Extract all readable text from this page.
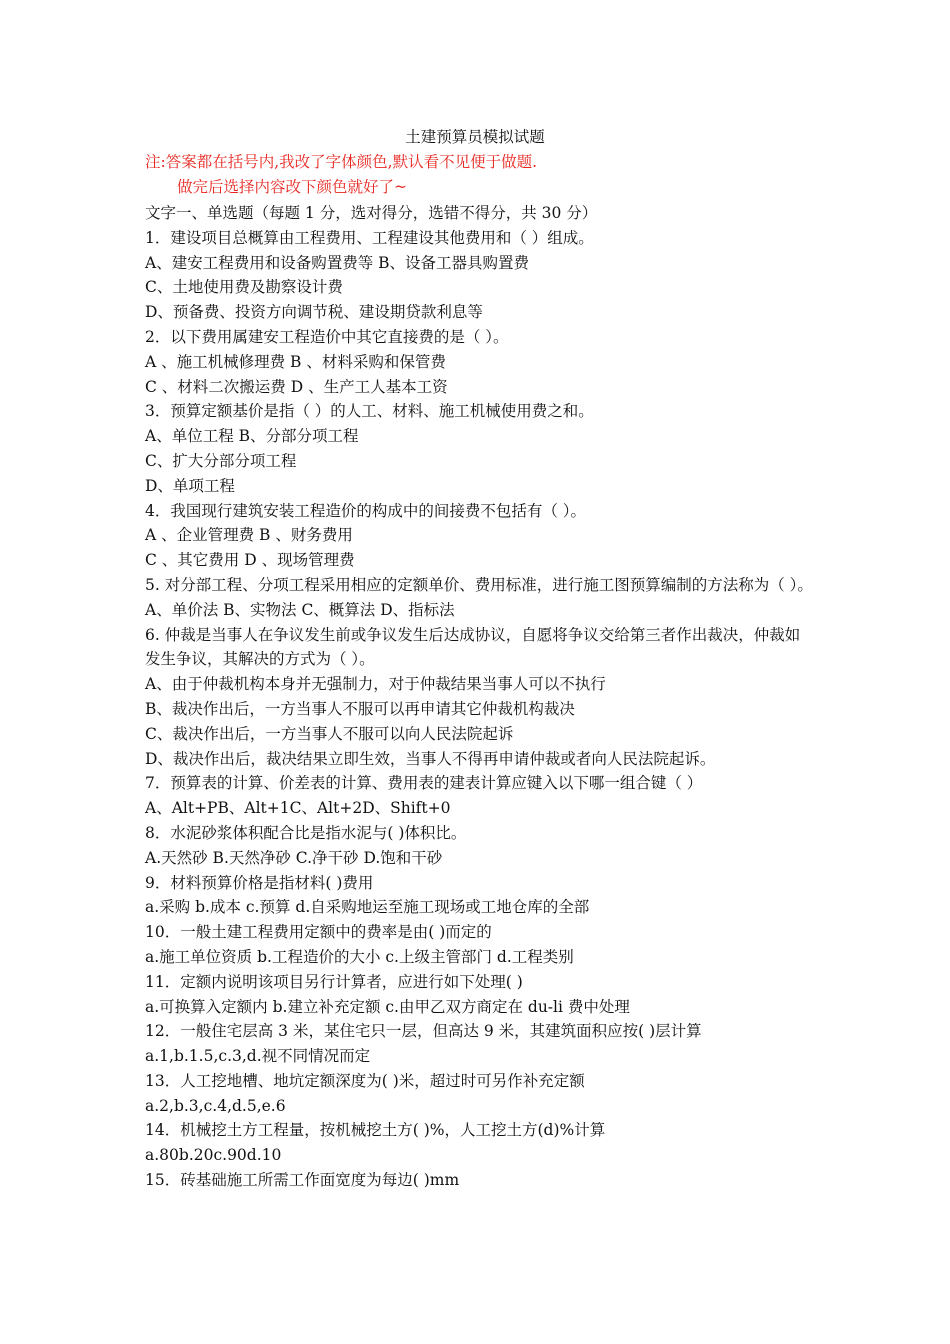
土建预算员模拟试题
注:答案都在括号内,我改了字体颜色,默认看不见便于做题.
做完后选择内容改下颜色就好了~
文字一、单选题（每题 1 分，选对得分，选错不得分，共 30 分）
1．建设项目总概算由工程费用、工程建设其他费用和（ ）组成。
A、建安工程费用和设备购置费等 B、设备工器具购置费
C、土地使用费及勘察设计费
D、预备费、投资方向调节税、建设期贷款利息等
2．以下费用属建安工程造价中其它直接费的是（ ）。
A 、施工机械修理费 B 、材料采购和保管费
C 、材料二次搬运费 D 、生产工人基本工资
3．预算定额基价是指（ ）的人工、材料、施工机械使用费之和。
A、单位工程 B、分部分项工程
C、扩大分部分项工程
D、单项工程
4．我国现行建筑安装工程造价的构成中的间接费不包括有（ ）。
A 、企业管理费 B 、财务费用
C 、其它费用 D 、现场管理费
5. 对分部工程、分项工程采用相应的定额单价、费用标准，进行施工图预算编制的方法称为（ ）。
A、单价法 B、实物法 C、概算法 D、指标法
6. 仲裁是当事人在争议发生前或争议发生后达成协议，自愿将争议交给第三者作出裁决，仲裁如发生争议，其解决的方式为（ ）。
A、由于仲裁机构本身并无强制力，对于仲裁结果当事人可以不执行
B、裁决作出后，一方当事人不服可以再申请其它仲裁机构裁决
C、裁决作出后，一方当事人不服可以向人民法院起诉
D、裁决作出后，裁决结果立即生效，当事人不得再申请仲裁或者向人民法院起诉。
7．预算表的计算、价差表的计算、费用表的建表计算应键入以下哪一组合键（ ）
A、Alt+PB、Alt+1C、Alt+2D、Shift+0
8．水泥砂浆体积配合比是指水泥与( )体积比。
A.天然砂 B.天然净砂 C.净干砂 D.饱和干砂
9．材料预算价格是指材料( )费用
a.采购 b.成本 c.预算 d.自采购地运至施工现场或工地仓库的全部
10．一般土建工程费用定额中的费率是由( )而定的
a.施工单位资质 b.工程造价的大小 c.上级主管部门 d.工程类别
11．定额内说明该项目另行计算者，应进行如下处理( )
a.可换算入定额内 b.建立补充定额 c.由甲乙双方商定在 du-li 费中处理
12．一般住宅层高 3 米，某住宅只一层，但高达 9 米，其建筑面积应按( )层计算
a.1,b.1.5,c.3,d.视不同情况而定
13．人工挖地槽、地坑定额深度为( )米，超过时可另作补充定额
a.2,b.3,c.4,d.5,e.6
14．机械挖土方工程量，按机械挖土方( )%，人工挖土方(d)%计算
a.80b.20c.90d.10
15．砖基础施工所需工作面宽度为每边( )mm
